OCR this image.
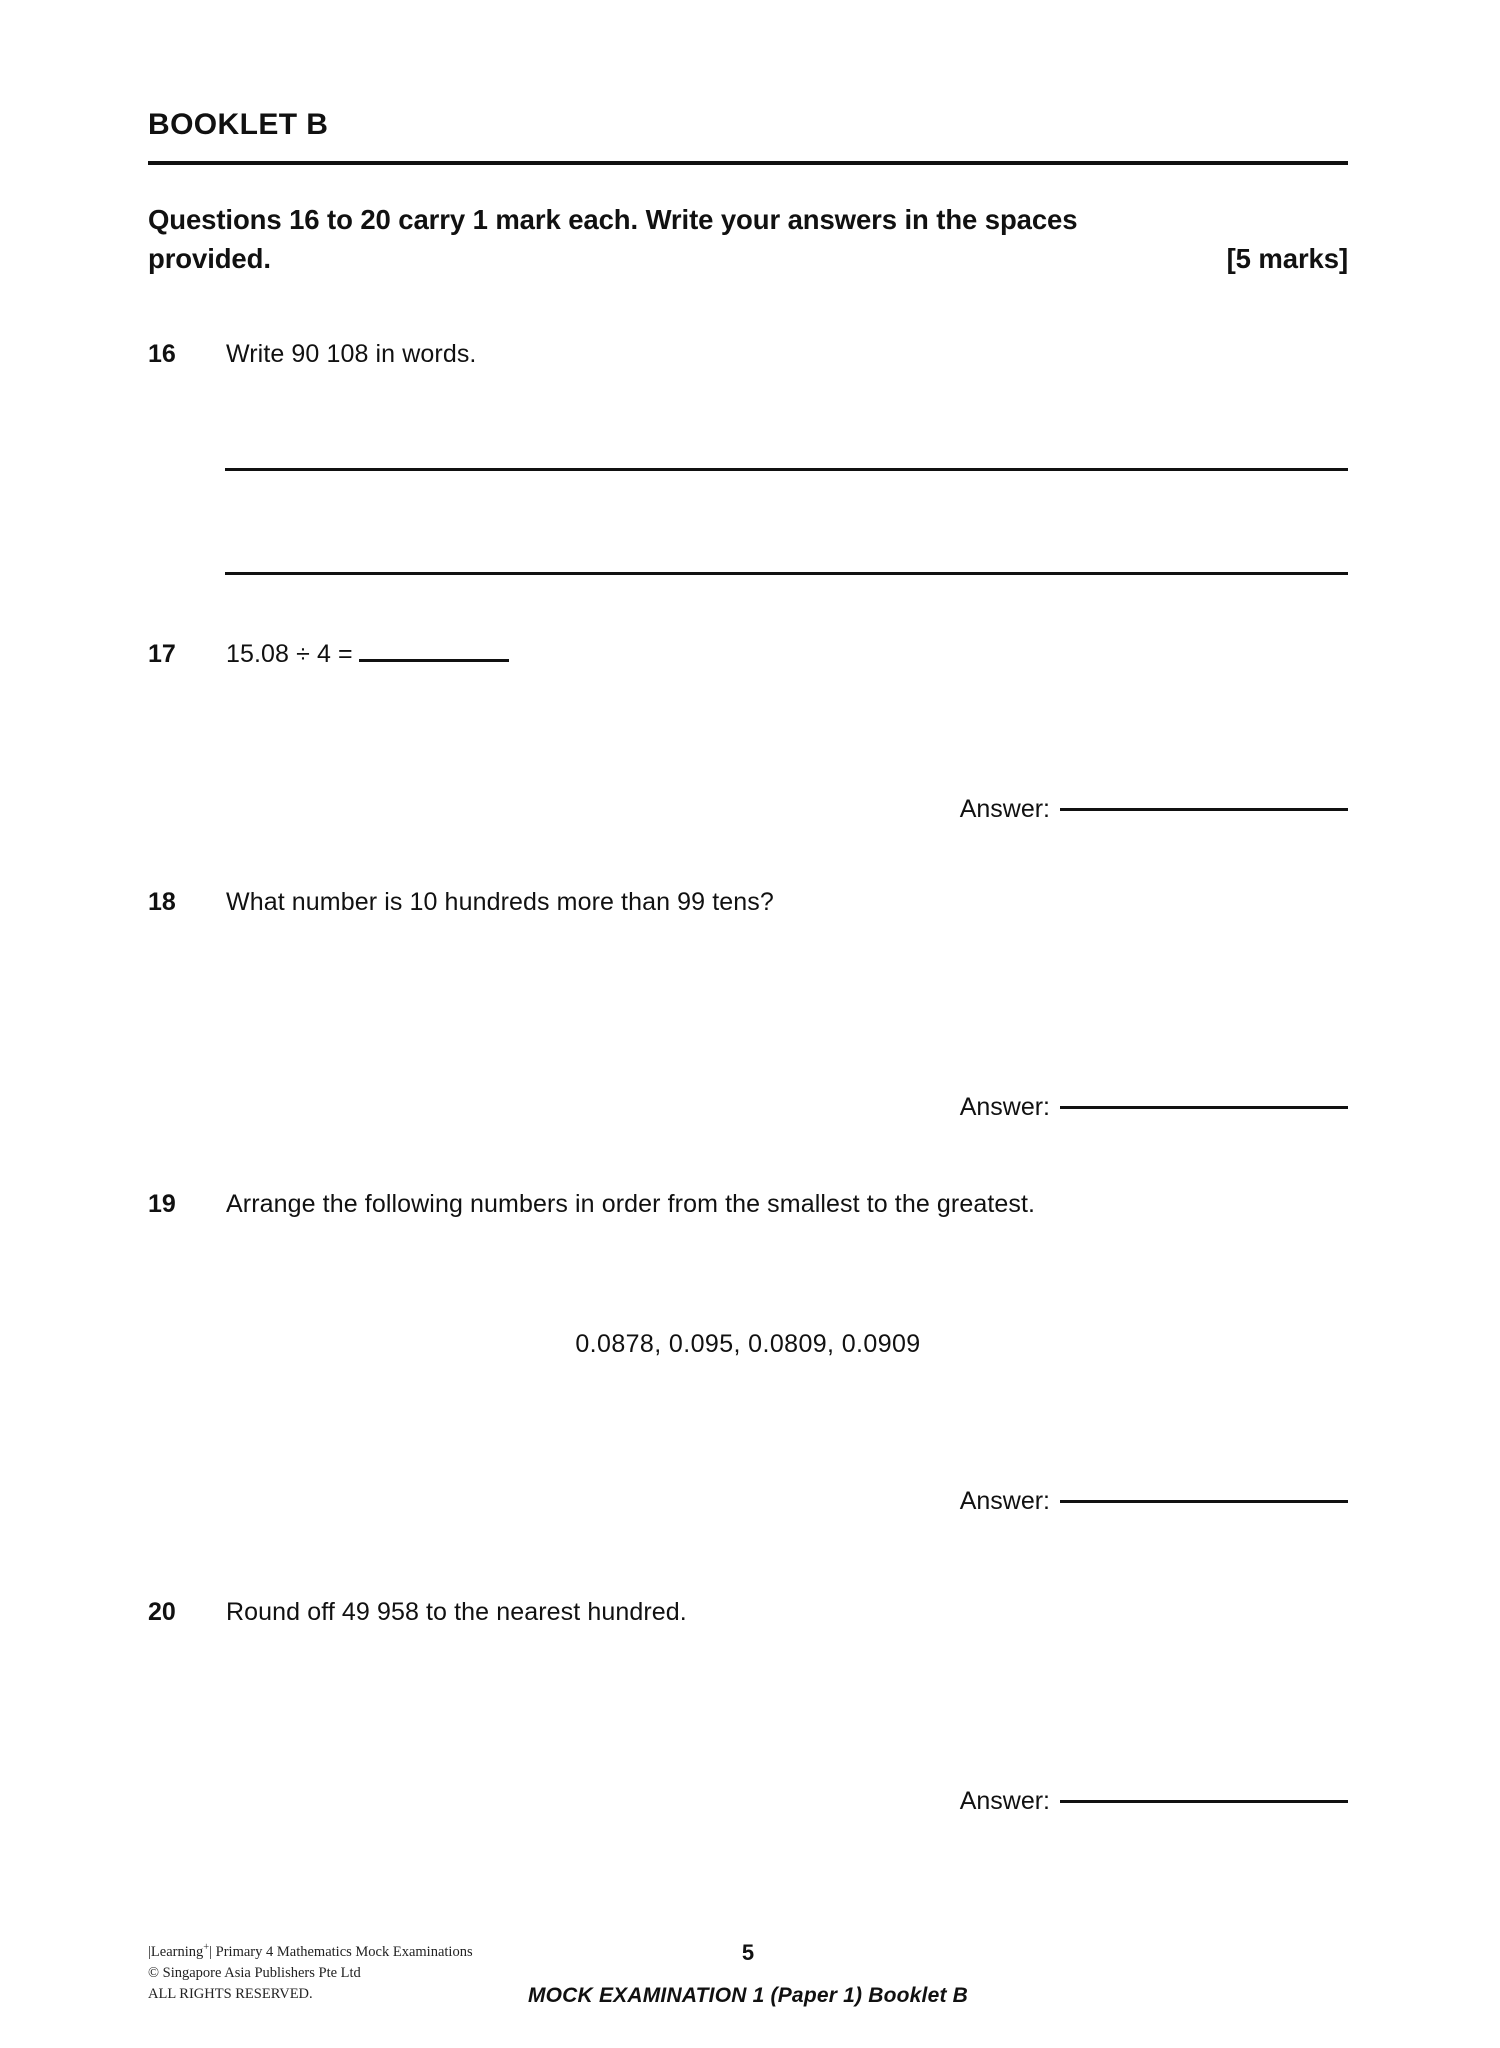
BOOKLET B
Questions 16 to 20 carry 1 mark each. Write your answers in the spaces
provided.	[5 marks]
16	Write 90 108 in words.
17	15.08 ÷ 4 =
Answer:
18	What number is 10 hundreds more than 99 tens?
Answer:
19	Arrange the following numbers in order from the smallest to the greatest.
0.0878, 0.095, 0.0809, 0.0909
Answer:
20	Round off 49 958 to the nearest hundred.
Answer:
|Learning+| Primary 4 Mathematics Mock Examinations
© Singapore Asia Publishers Pte Ltd
ALL RIGHTS RESERVED.
5
MOCK EXAMINATION 1 (Paper 1) Booklet B
